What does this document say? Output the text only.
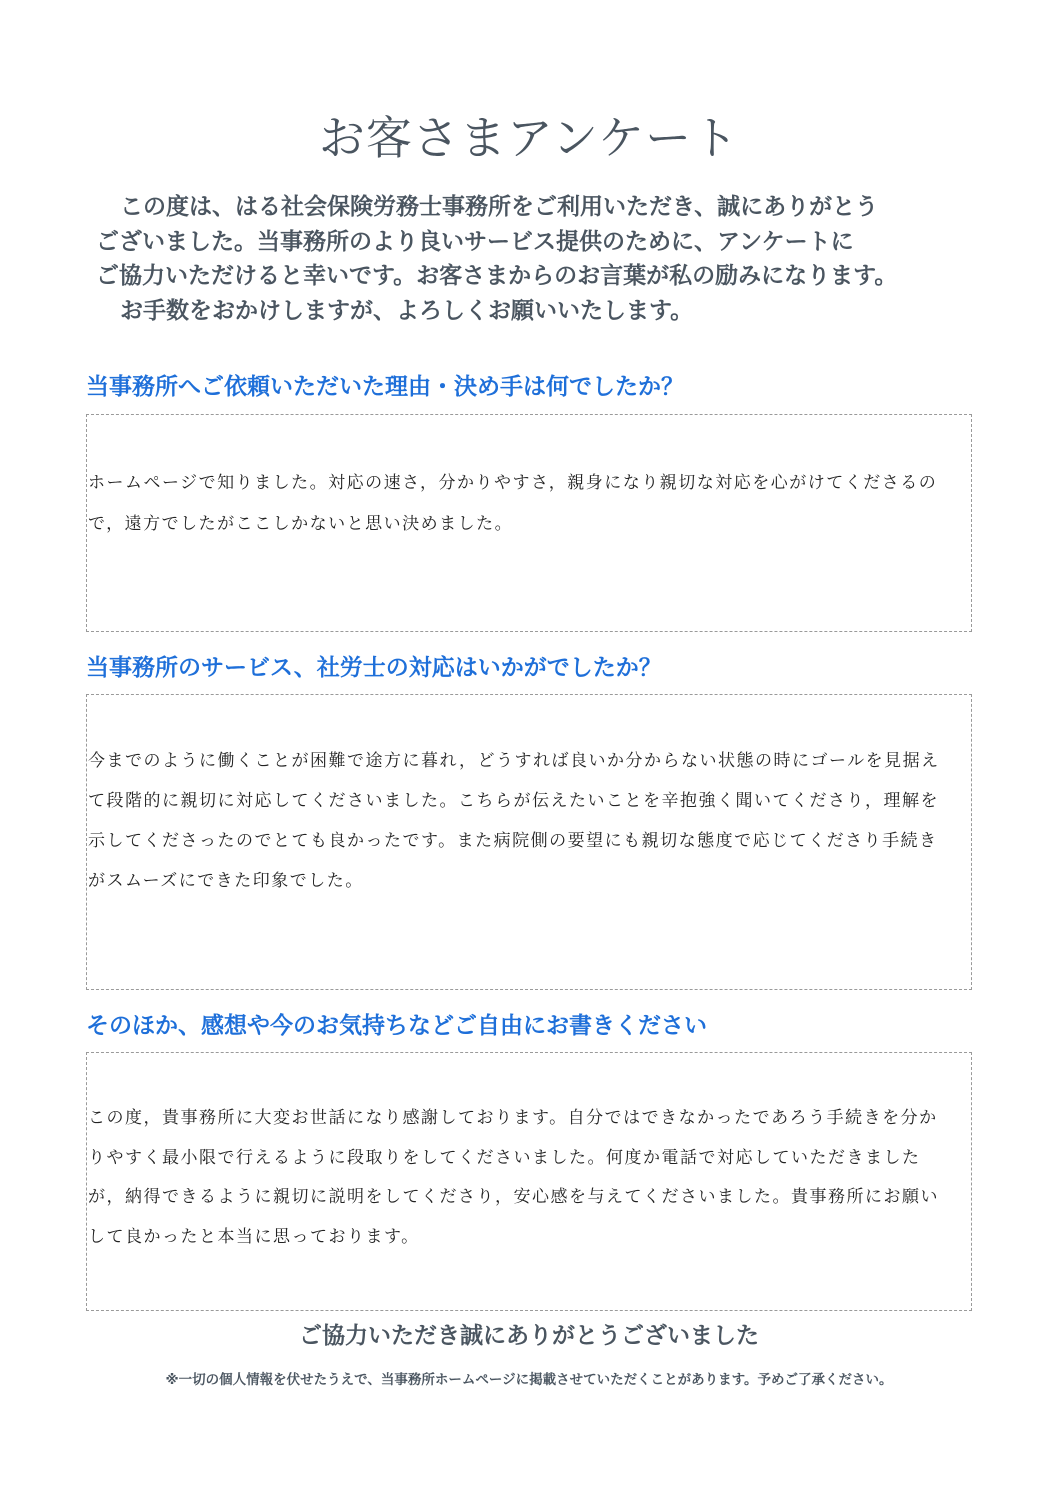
お客さまアンケート

この度は、はる社会保険労務士事務所をご利用いただき、誠にありがとう

ございました。当事務所のより良いサービス提供のために、アンケートに

ご協力いただけると幸いです。お客さまからのお言葉が私の励みになります。

お手数をおかけしますが、よろしくお願いいたします。

当事務所へご依頼いただいた理由・決め手は何でしたか？

ホームページで知りました。対応の速さ，分かりやすさ，親身になり親切な対応を心がけてくださるので，遠方でしたがここしかないと思い決めました。

当事務所のサービス、社労士の対応はいかがでしたか？

今までのように働くことが困難で途方に暮れ，どうすれば良いか分からない状態の時にゴールを見据えて段階的に親切に対応してくださいました。こちらが伝えたいことを辛抱強く聞いてくださり，理解を示してくださったのでとても良かったです。また病院側の要望にも親切な態度で応じてくださり手続きがスムーズにできた印象でした。

そのほか、感想や今のお気持ちなどご自由にお書きください

この度，貴事務所に大変お世話になり感謝しております。自分ではできなかったであろう手続きを分かりやすく最小限で行えるように段取りをしてくださいました。何度か電話で対応していただきましたが，納得できるように親切に説明をしてくださり，安心感を与えてくださいました。貴事務所にお願いして良かったと本当に思っております。

ご協力いただき誠にありがとうございました
※一切の個人情報を伏せたうえで、当事務所ホームページに掲載させていただくことがあります。予めご了承ください。
